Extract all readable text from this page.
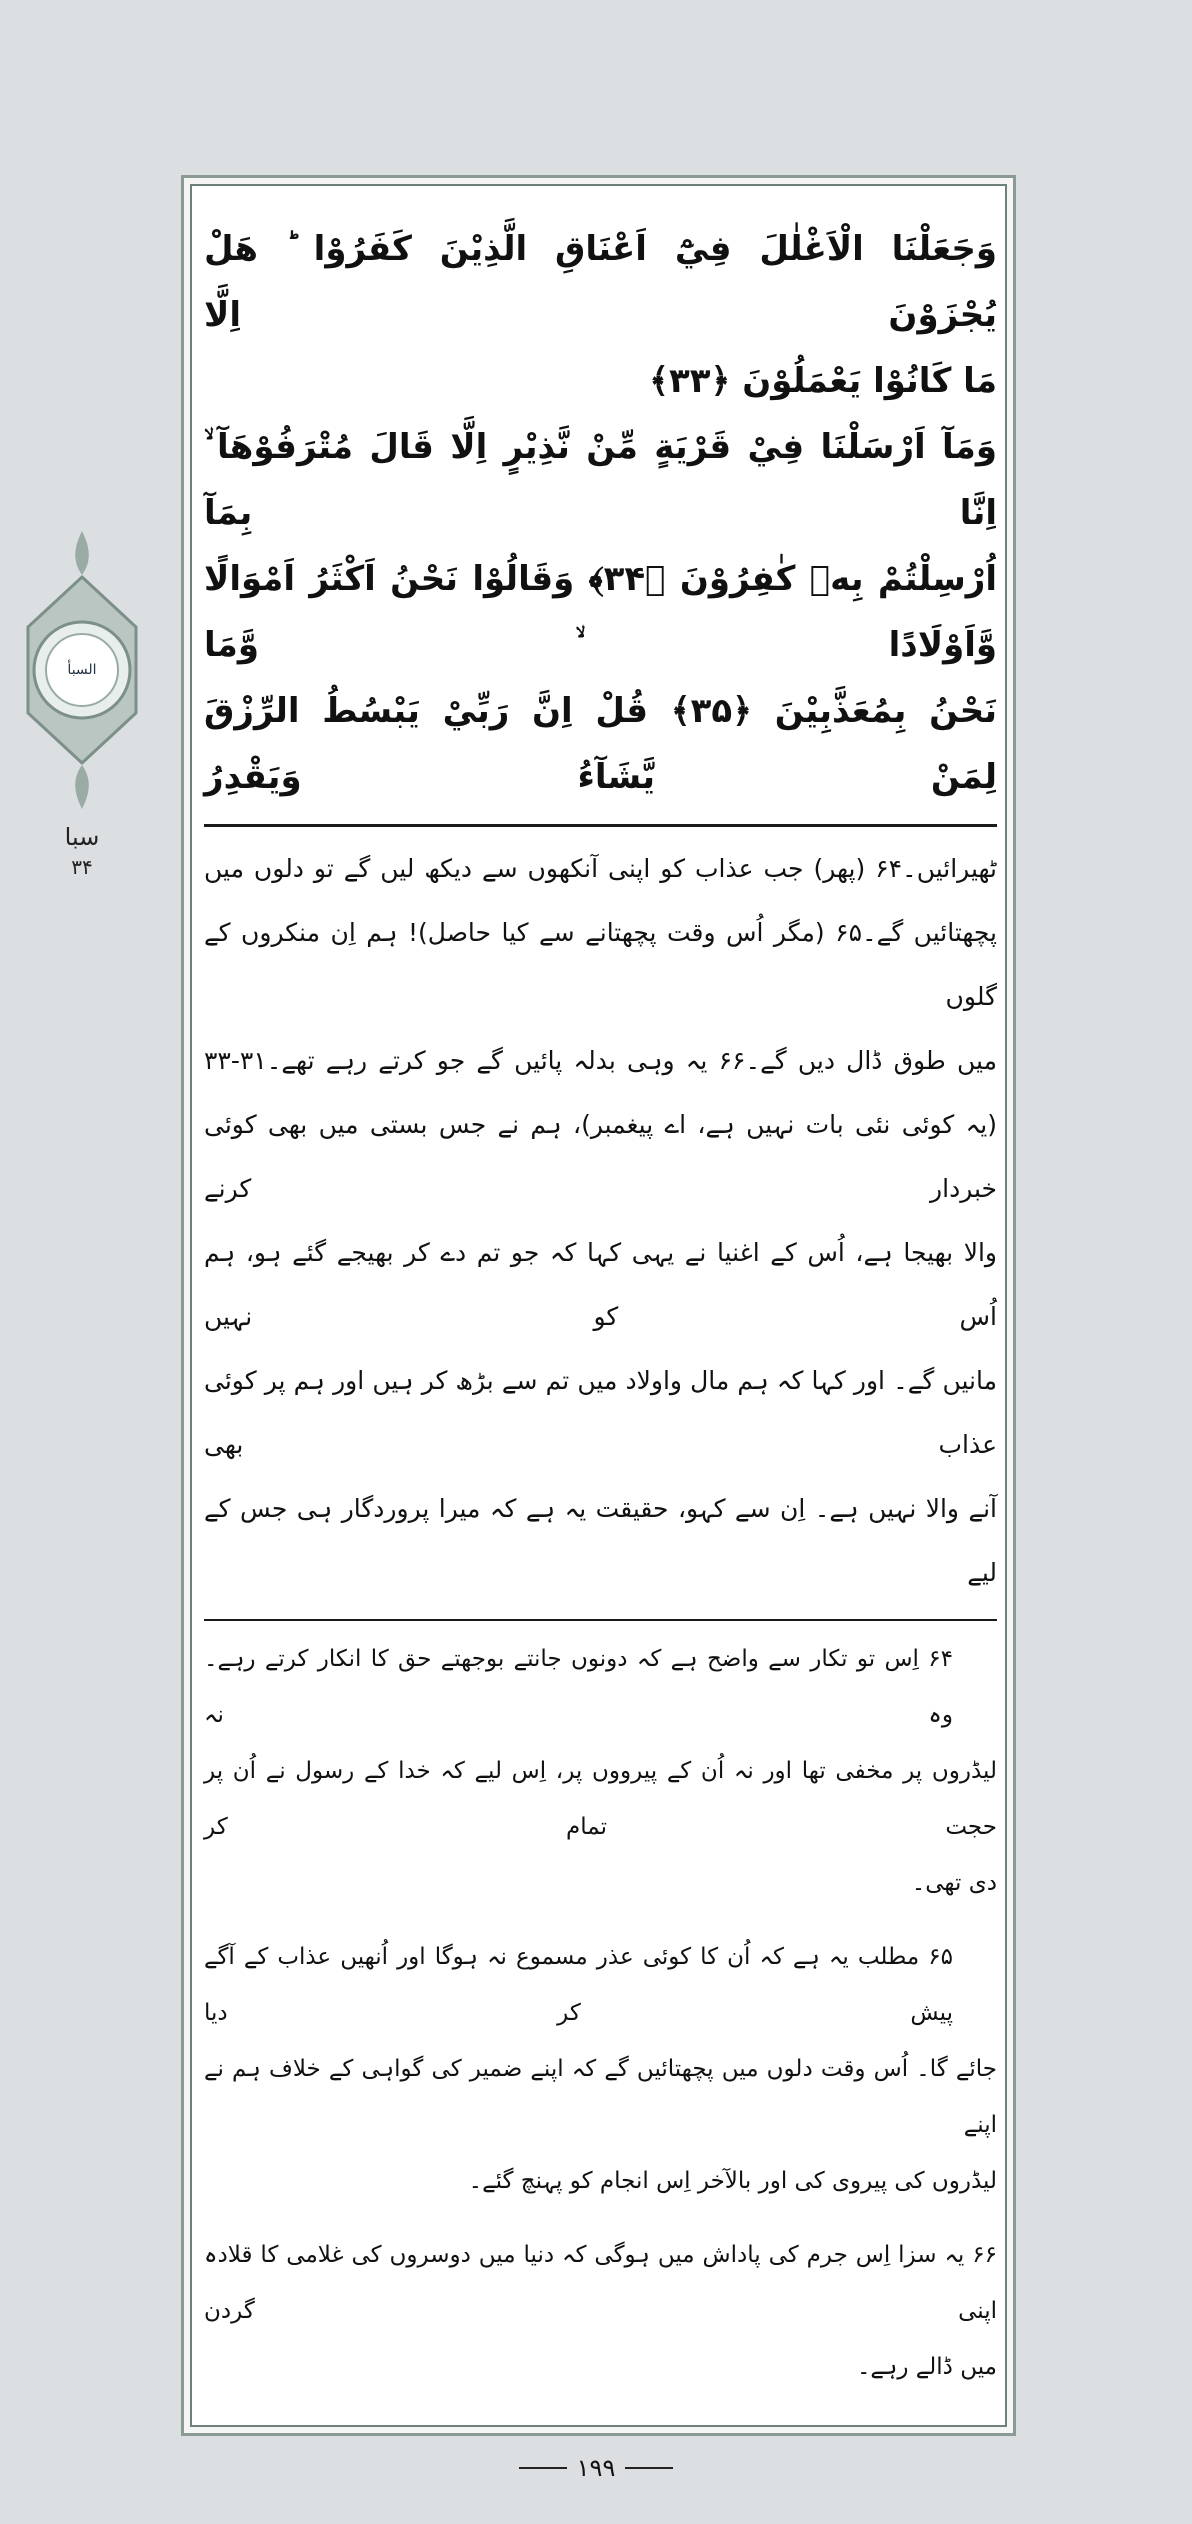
السبأ
سبا
۳۴
وَجَعَلْنَا الْاَغْلٰلَ فِيْٓ اَعْنَاقِ الَّذِيْنَ كَفَرُوْا ؕ هَلْ يُجْزَوْنَ اِلَّا
مَا كَانُوْا يَعْمَلُوْنَ ﴿۳۳﴾
وَمَآ اَرْسَلْنَا فِيْ قَرْيَةٍ مِّنْ نَّذِيْرٍ اِلَّا قَالَ مُتْرَفُوْهَآ ۙ اِنَّا بِمَآ
اُرْسِلْتُمْ بِهٖ كٰفِرُوْنَ ﴿۳۴﴾ وَقَالُوْا نَحْنُ اَكْثَرُ اَمْوَالًا وَّاَوْلَادًا ۙ وَّمَا
نَحْنُ بِمُعَذَّبِيْنَ ﴿۳۵﴾ قُلْ اِنَّ رَبِّيْ يَبْسُطُ الرِّزْقَ لِمَنْ يَّشَآءُ وَيَقْدِرُ
ٹھیرائیں۔۶۴ (پھر) جب عذاب کو اپنی آنکھوں سے دیکھ لیں گے تو دلوں میں
پچھتائیں گے۔۶۵ (مگر اُس وقت پچھتانے سے کیا حاصل)! ہم اِن منکروں کے گلوں
میں طوق ڈال دیں گے۔۶۶ یہ وہی بدلہ پائیں گے جو کرتے رہے تھے۔۳۱-۳۳
(یہ کوئی نئی بات نہیں ہے، اے پیغمبر)، ہم نے جس بستی میں بھی کوئی خبردار کرنے
والا بھیجا ہے، اُس کے اغنیا نے یہی کہا کہ جو تم دے کر بھیجے گئے ہو، ہم اُس کو نہیں
مانیں گے۔ اور کہا کہ ہم مال واولاد میں تم سے بڑھ کر ہیں اور ہم پر کوئی عذاب بھی
آنے والا نہیں ہے۔ اِن سے کہو، حقیقت یہ ہے کہ میرا پروردگار ہی جس کے لیے
۶۴ اِس تو تکار سے واضح ہے کہ دونوں جانتے بوجھتے حق کا انکار کرتے رہے۔ وہ نہ
لیڈروں پر مخفی تھا اور نہ اُن کے پیرووں پر، اِس لیے کہ خدا کے رسول نے اُن پر حجت تمام کر
دی تھی۔
۶۵ مطلب یہ ہے کہ اُن کا کوئی عذر مسموع نہ ہوگا اور اُنھیں عذاب کے آگے پیش کر دیا
جائے گا۔ اُس وقت دلوں میں پچھتائیں گے کہ اپنے ضمیر کی گواہی کے خلاف ہم نے اپنے
لیڈروں کی پیروی کی اور بالآخر اِس انجام کو پہنچ گئے۔
۶۶ یہ سزا اِس جرم کی پاداش میں ہوگی کہ دنیا میں دوسروں کی غلامی کا قلادہ اپنی گردن
میں ڈالے رہے۔
۱۹۹
